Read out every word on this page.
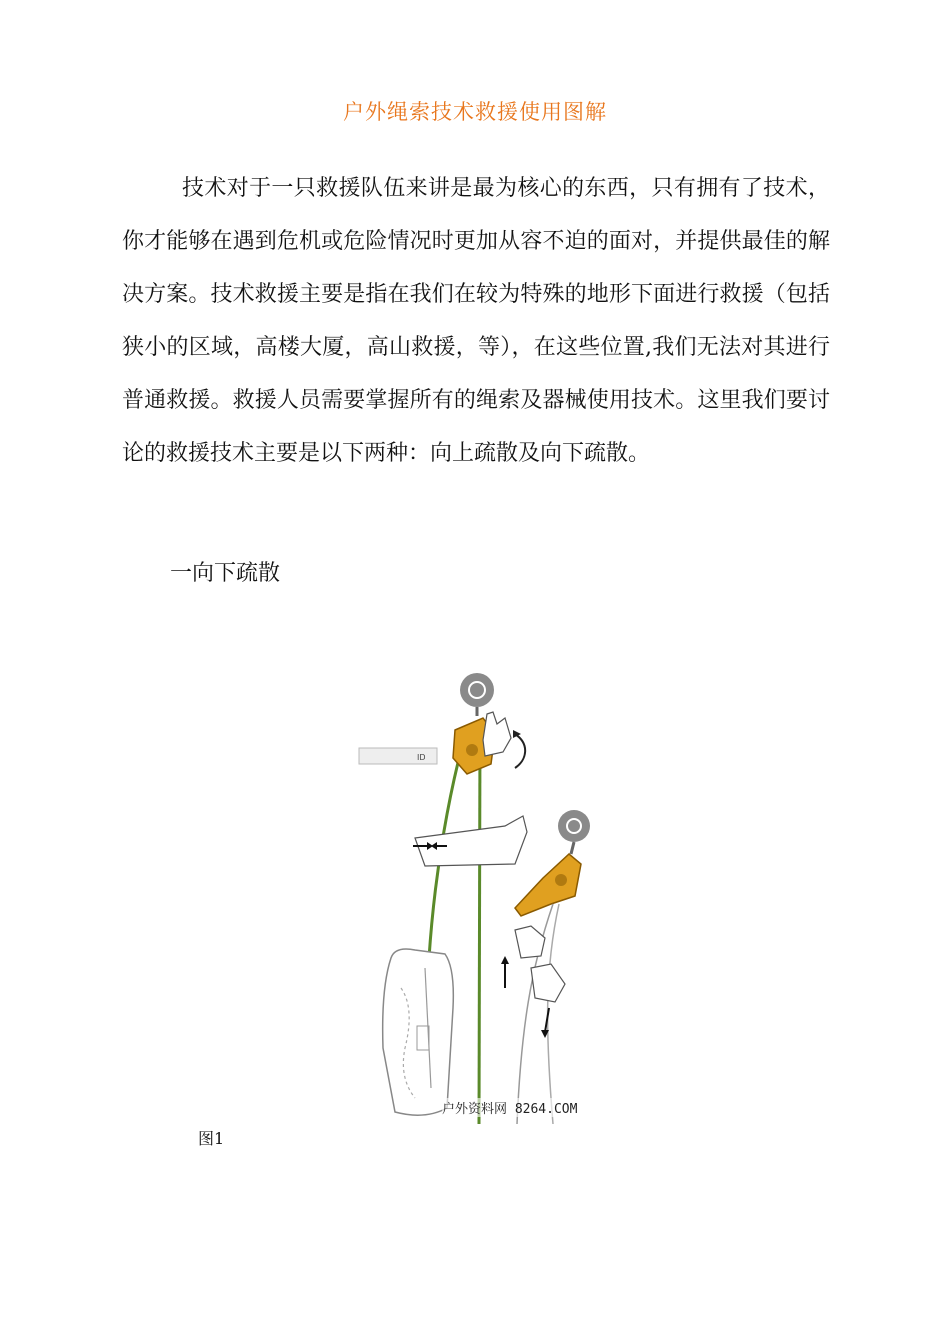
户外绳索技术救援使用图解
技术对于一只救援队伍来讲是最为核心的东西，只有拥有了技术，你才能够在遇到危机或危险情况时更加从容不迫的面对，并提供最佳的解决方案。技术救援主要是指在我们在较为特殊的地形下面进行救援（包括狭小的区域，高楼大厦，高山救援，等），在这些位置,我们无法对其进行普通救援。救援人员需要掌握所有的绳索及器械使用技术。这里我们要讨论的救援技术主要是以下两种：向上疏散及向下疏散。
一向下疏散
ID
户外资料网 8264.COM
图1
